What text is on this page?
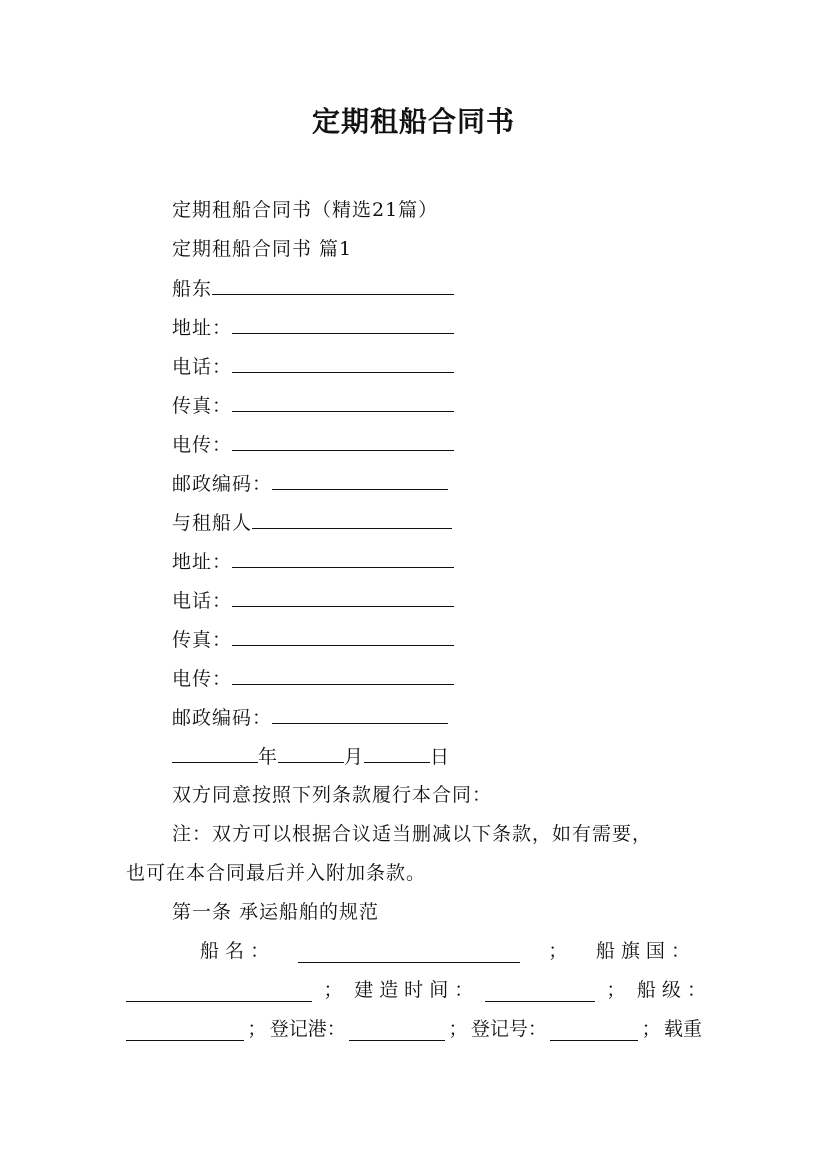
定期租船合同书
定期租船合同书（精选21篇）
定期租船合同书 篇1
船东
地址：
电话：
传真：
电传：
邮政编码：
与租船人
地址：
电话：
传真：
电传：
邮政编码：
年	月	日
双方同意按照下列条款履行本合同：
注：双方可以根据合议适当删减以下条款，如有需要，
也可在本合同最后并入附加条款。
第一条 承运船舶的规范
船 名 ：	； 船 旗 国 ：
； 建 造 时 间 ：	； 船 级 ：
； 登记港：	； 登记号：	； 载重
